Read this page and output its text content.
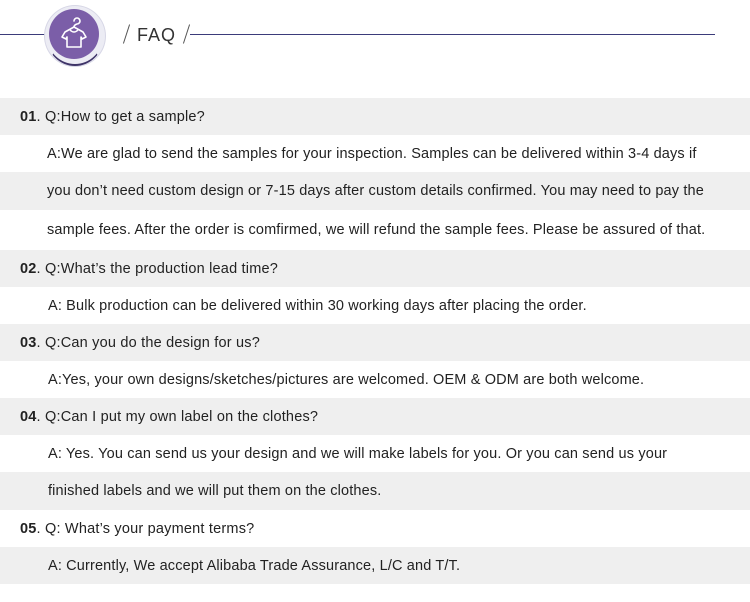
FAQ
01. Q:How to get a sample?
A:We are glad to send the samples for your inspection. Samples can be delivered within 3-4 days if
you don’t need custom design or 7-15 days after custom details confirmed. You may need to pay the
sample fees. After the order is comfirmed, we will refund the sample fees. Please be assured of that.
02. Q:What’s the production lead time?
A: Bulk production can be delivered within 30 working days after placing the order.
03. Q:Can you do the design for us?
A:Yes, your own designs/sketches/pictures are welcomed. OEM & ODM are both welcome.
04. Q:Can I put my own label on the clothes?
A: Yes. You can send us your design and we will make labels for you. Or you can send us your
finished labels and we will put them on the clothes.
05. Q: What’s your payment terms?
A: Currently, We accept Alibaba Trade Assurance, L/C and T/T.
